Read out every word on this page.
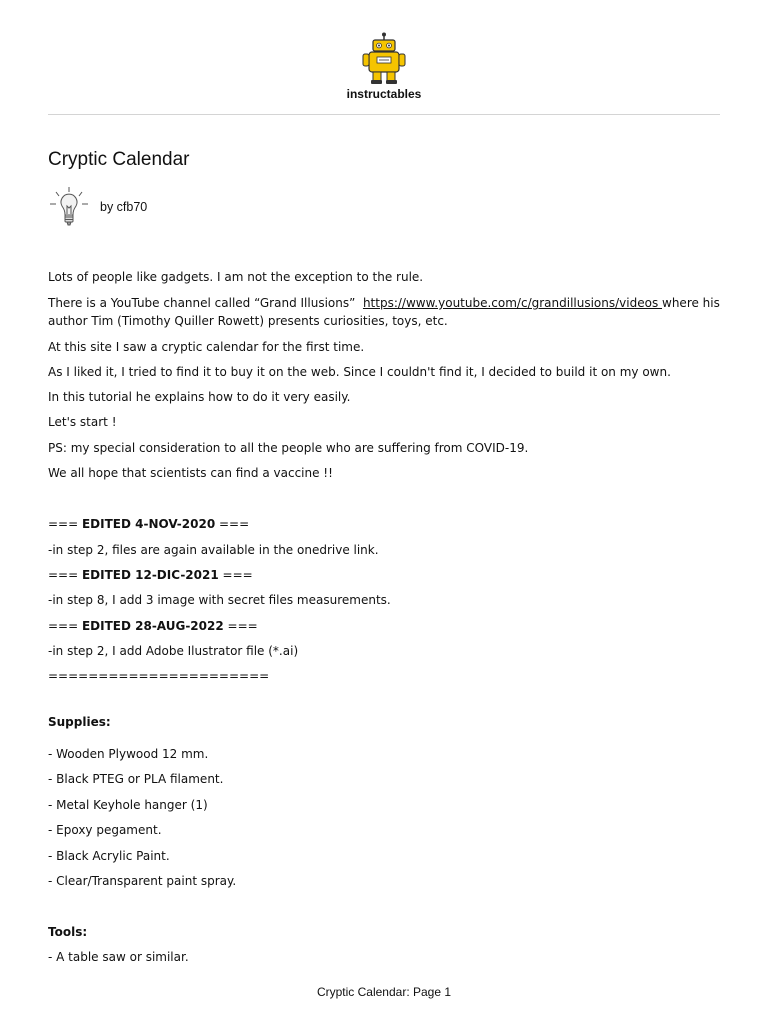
instructables
Cryptic Calendar
by cfb70
Lots of people like gadgets. I am not the exception to the rule.
There is a YouTube channel called “Grand Illusions”  https://www.youtube.com/c/grandillusions/videos where his author Tim (Timothy Quiller Rowett) presents curiosities, toys, etc.
At this site I saw a cryptic calendar for the first time.
As I liked it, I tried to find it to buy it on the web. Since I couldn't find it, I decided to build it on my own.
In this tutorial he explains how to do it very easily.
Let's start !
PS: my special consideration to all the people who are suffering from COVID-19.
We all hope that scientists can find a vaccine !!
=== EDITED 4-NOV-2020 ===
-in step 2, files are again available in the onedrive link.
=== EDITED 12-DIC-2021 ===
-in step 8, I add 3 image with secret files measurements.
=== EDITED 28-AUG-2022 ===
-in step 2, I add Adobe Ilustrator file (*.ai)
======================
Supplies:
- Wooden Plywood 12 mm.
- Black PTEG or PLA filament.
- Metal Keyhole hanger (1)
- Epoxy pegament.
- Black Acrylic Paint.
- Clear/Transparent paint spray.
Tools:
- A table saw or similar.
Cryptic Calendar: Page 1
